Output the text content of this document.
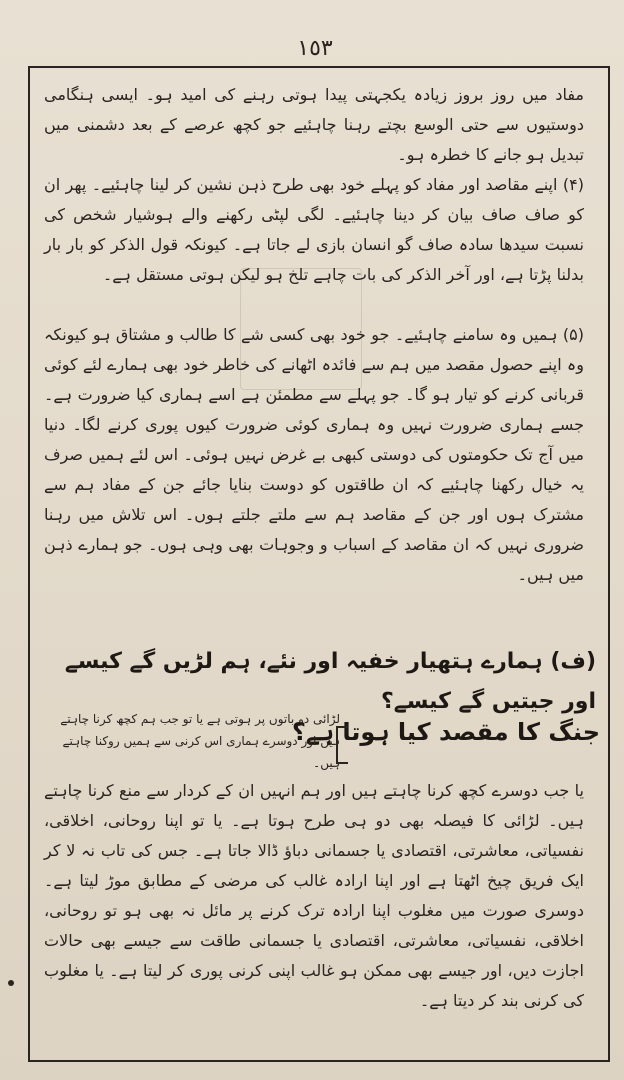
١٥٣

مفاد میں روز بروز زیادہ یکجہتی پیدا ہوتی رہنے کی امید ہو۔ ایسی ہنگامی دوستیوں سے حتی الوسع بچتے رہنا چاہئیے جو کچھ عرصے کے بعد دشمنی میں تبدیل ہو جانے کا خطرہ ہو۔

(۴) اپنے مقاصد اور مفاد کو پہلے خود بھی طرح ذہن نشین کر لینا چاہئیے۔ پھر ان کو صاف صاف بیان کر دینا چاہئیے۔ لگی لپٹی رکھنے والے ہوشیار شخص کی نسبت سیدھا سادہ صاف گو انسان بازی لے جاتا ہے۔ کیونکہ قول الذکر کو بار بار بدلنا پڑتا ہے، اور آخر الذکر کی بات چاہے تلخ ہو لیکن ہوتی مستقل ہے۔

(۵) ہمیں وہ سامنے چاہئیے۔ جو خود بھی کسی شے کا طالب و مشتاق ہو کیونکہ وہ اپنے حصول مقصد میں ہم سے فائدہ اٹھانے کی خاطر خود بھی ہمارے لئے کوئی قربانی کرنے کو تیار ہو گا۔ جو پہلے سے مطمئن ہے اسے ہماری کیا ضرورت ہے۔ جسے ہماری ضرورت نہیں وہ ہماری کوئی ضرورت کیوں پوری کرنے لگا۔ دنیا میں آج تک حکومتوں کی دوستی کبھی بے غرض نہیں ہوئی۔ اس لئے ہمیں صرف یہ خیال رکھنا چاہئیے کہ ان طاقتوں کو دوست بنایا جائے جن کے مفاد ہم سے مشترک ہوں اور جن کے مقاصد ہم سے ملتے جلتے ہوں۔ اس تلاش میں رہنا ضروری نہیں کہ ان مقاصد کے اسباب و وجوہات بھی وہی ہوں۔ جو ہمارے ذہن میں ہیں۔

(ف) ہمارے ہتھیار خفیہ اور نئے، ہم لڑیں گے کیسے اور جیتیں گے کیسے؟
جنگ کا مقصد کیا ہوتا ہے؟
لڑائی دو باتوں پر ہوتی ہے یا تو جب ہم کچھ کرنا چاہتے ہیں اور دوسرے ہماری اس کرنی سے ہمیں روکنا چاہتے ہیں۔

یا جب دوسرے کچھ کرنا چاہتے ہیں اور ہم انہیں ان کے کردار سے منع کرنا چاہتے ہیں۔ لڑائی کا فیصلہ بھی دو ہی طرح ہوتا ہے۔ یا تو اپنا روحانی، اخلاقی، نفسیاتی، معاشرتی، اقتصادی یا جسمانی دباؤ ڈالا جاتا ہے۔ جس کی تاب نہ لا کر ایک فریق چیخ اٹھتا ہے اور اپنا ارادہ غالب کی مرضی کے مطابق موڑ لیتا ہے۔ دوسری صورت میں مغلوب اپنا ارادہ ترک کرنے پر مائل نہ بھی ہو تو روحانی، اخلاقی، نفسیاتی، معاشرتی، اقتصادی یا جسمانی طاقت سے جیسے بھی حالات اجازت دیں، اور جیسے بھی ممکن ہو غالب اپنی کرنی پوری کر لیتا ہے۔ یا مغلوب کی کرنی بند کر دیتا ہے۔
